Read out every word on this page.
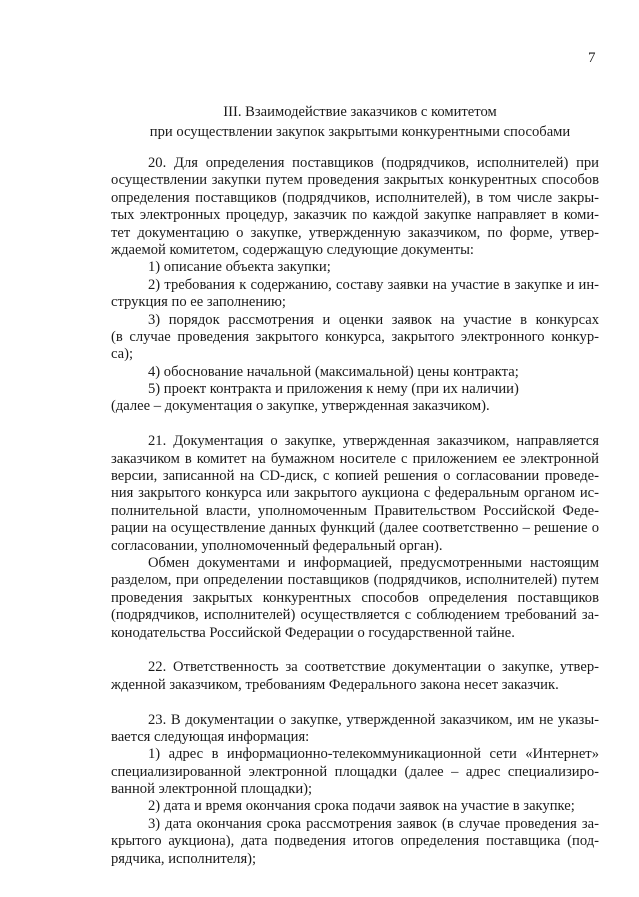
7
III. Взаимодействие заказчиков с комитетом
при осуществлении закупок закрытыми конкурентными способами
20. Для определения поставщиков (подрядчиков, исполнителей) при
осуществлении закупки путем проведения закрытых конкурентных способов
определения поставщиков (подрядчиков, исполнителей), в том числе закры-
тых электронных процедур, заказчик по каждой закупке направляет в коми-
тет документацию о закупке, утвержденную заказчиком, по форме, утвер-
ждаемой комитетом, содержащую следующие документы:
1) описание объекта закупки;
2) требования к содержанию, составу заявки на участие в закупке и ин-
струкция по ее заполнению;
3) порядок рассмотрения и оценки заявок на участие в конкурсах
(в случае проведения закрытого конкурса, закрытого электронного конкур-
са);
4) обоснование начальной (максимальной) цены контракта;
5) проект контракта и приложения к нему (при их наличии)
(далее – документация о закупке, утвержденная заказчиком).
21. Документация о закупке, утвержденная заказчиком, направляется
заказчиком в комитет на бумажном носителе с приложением ее электронной
версии, записанной на CD-диск, с копией решения о согласовании проведе-
ния закрытого конкурса или закрытого аукциона с федеральным органом ис-
полнительной власти, уполномоченным Правительством Российской Феде-
рации на осуществление данных функций (далее соответственно – решение о
согласовании, уполномоченный федеральный орган).
Обмен документами и информацией, предусмотренными настоящим
разделом, при определении поставщиков (подрядчиков, исполнителей) путем
проведения закрытых конкурентных способов определения поставщиков
(подрядчиков, исполнителей) осуществляется с соблюдением требований за-
конодательства Российской Федерации о государственной тайне.
22. Ответственность за соответствие документации о закупке, утвер-
жденной заказчиком, требованиям Федерального закона несет заказчик.
23. В документации о закупке, утвержденной заказчиком, им не указы-
вается следующая информация:
1) адрес в информационно-телекоммуникационной сети «Интернет»
специализированной электронной площадки (далее – адрес специализиро-
ванной электронной площадки);
2) дата и время окончания срока подачи заявок на участие в закупке;
3) дата окончания срока рассмотрения заявок (в случае проведения за-
крытого аукциона), дата подведения итогов определения поставщика (под-
рядчика, исполнителя);
